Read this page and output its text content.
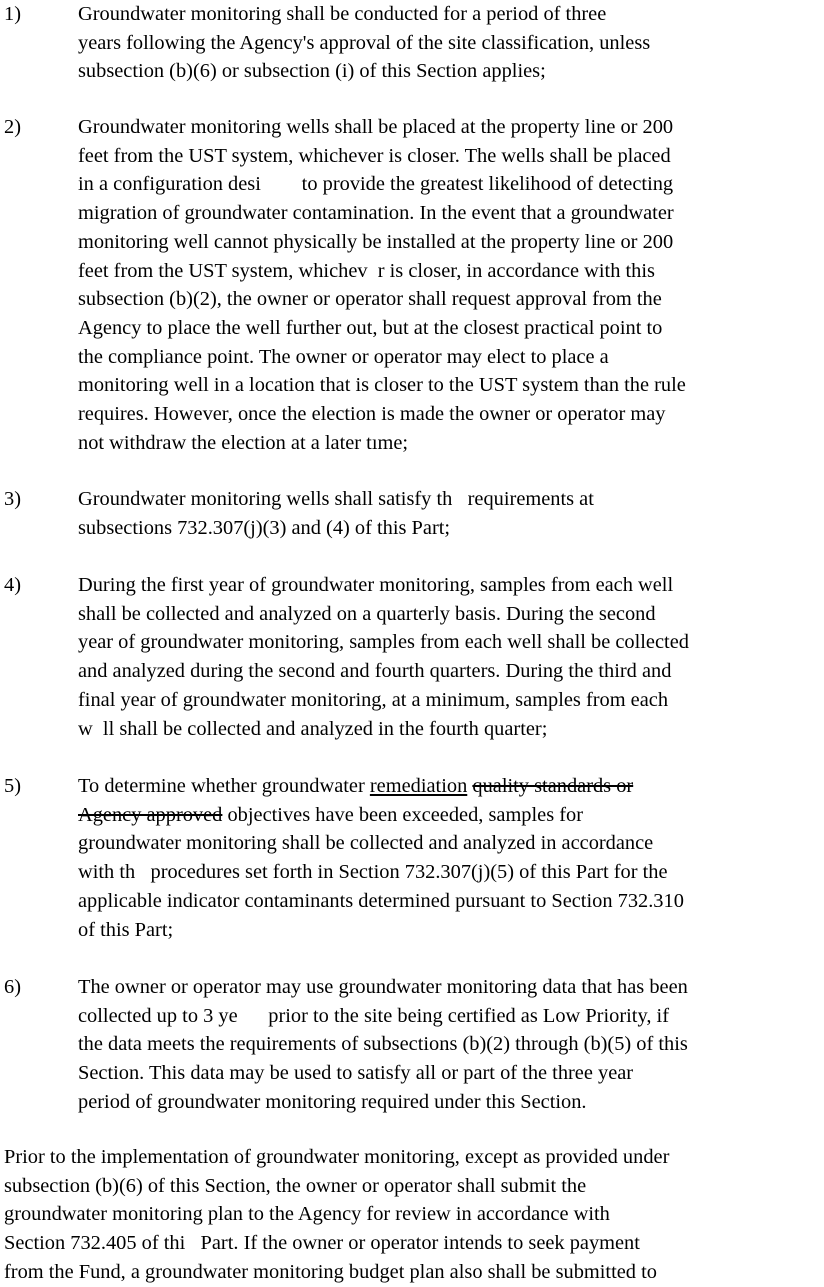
1)	Groundwater monitoring shall be conducted for a period of three
years following the Agency's approval of the site classification, unless
subsection (b)(6) or subsection (i) of this Section applies;
2)	Groundwater monitoring wells shall be placed at the property line or 200
feet from the UST system, whichever is closer. The wells shall be placed
in a configuration desi        to provide the greatest likelihood of detecting
migration of groundwater contamination. In the event that a groundwater
monitoring well cannot physically be installed at the property line or 200
feet from the UST system, whichev  r is closer, in accordance with this
subsection (b)(2), the owner or operator shall request approval from the
Agency to place the well further out, but at the closest practical point to
the compliance point. The owner or operator may elect to place a
monitoring well in a location that is closer to the UST system than the rule
requires. However, once the election is made the owner or operator may
not withdraw the election at a later tıme;
3)	Groundwater monitoring wells shall satisfy th   requirements at
subsections 732.307(j)(3) and (4) of this Part;
4)	During the first year of groundwater monitoring, samples from each well
shall be collected and analyzed on a quarterly basis. During the second
year of groundwater monitoring, samples from each well shall be collected
and analyzed during the second and fourth quarters. During the third and
final year of groundwater monitoring, at a minimum, samples from each
w  ll shall be collected and analyzed in the fourth quarter;
5)	To determine whether groundwater remediation quality standards or
Agency approved objectives have been exceeded, samples for
groundwater monitoring shall be collected and analyzed in accordance
with th   procedures set forth in Section 732.307(j)(5) of this Part for the
applicable indicator contaminants determined pursuant to Section 732.310
of this Part;
6)	The owner or operator may use groundwater monitoring data that has been
collected up to 3 ye      prior to the site being certified as Low Priority, if
the data meets the requirements of subsections (b)(2) through (b)(5) of this
Section. This data may be used to satisfy all or part of the three year
period of groundwater monitoring required under this Section.
Prior to the implementation of groundwater monitoring, except as provided under
subsection (b)(6) of this Section, the owner or operator shall submit the
groundwater monitoring plan to the Agency for review in accordance with
Section 732.405 of thi   Part. If the owner or operator intends to seek payment
from the Fund, a groundwater monitoring budget plan also shall be submitted to
